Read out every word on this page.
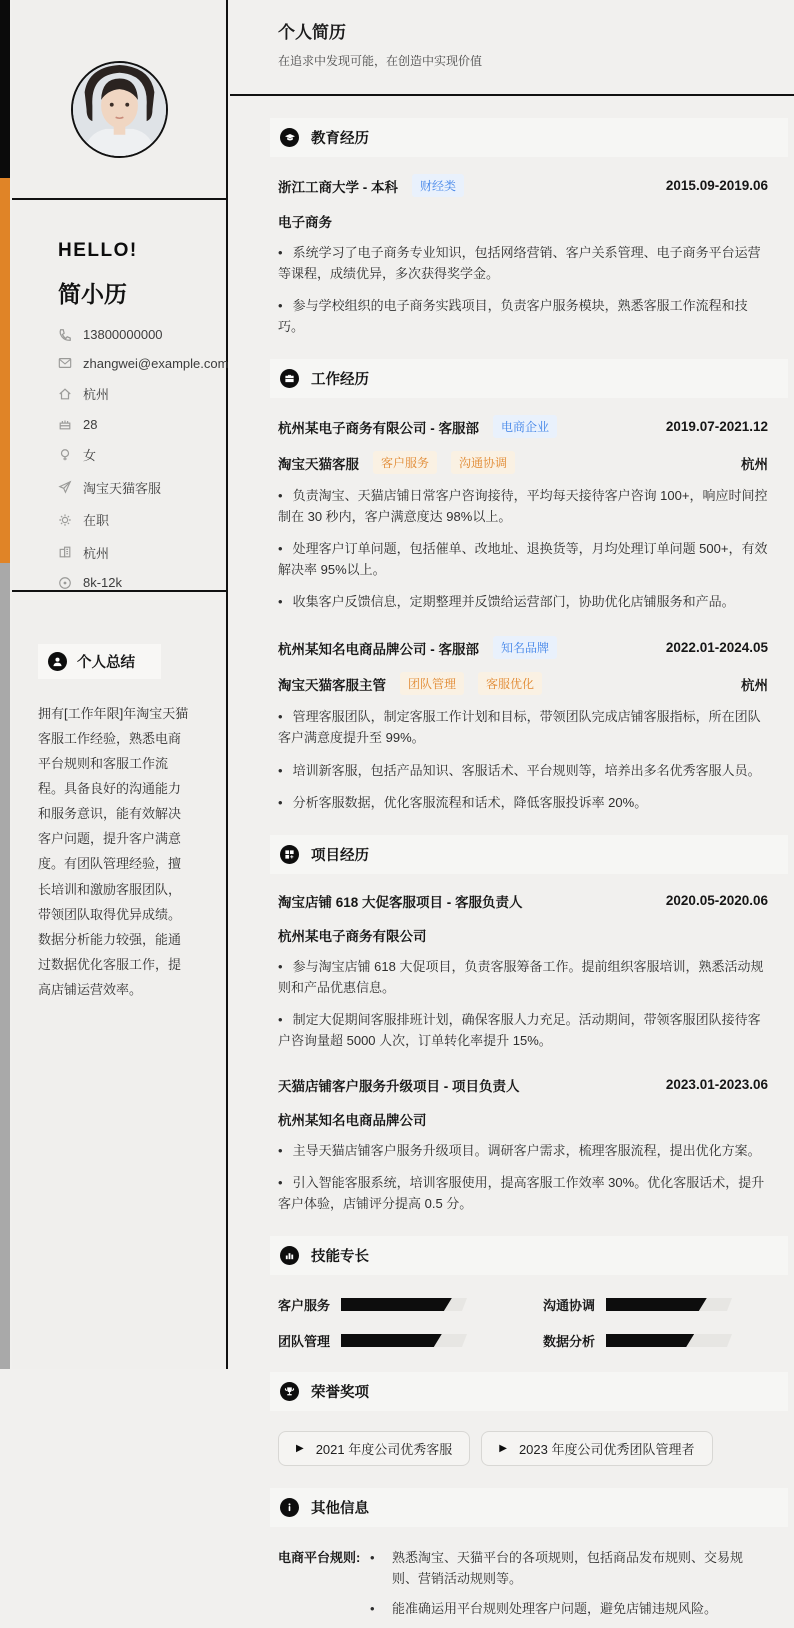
HELLO!
简小历
13800000000
zhangwei@example.com
杭州
28
女
淘宝天猫客服
在职
杭州
8k-12k
个人总结

拥有[工作年限]年淘宝天猫客服工作经验，熟悉电商平台规则和客服工作流程。具备良好的沟通能力和服务意识，能有效解决客户问题，提升客户满意度。有团队管理经验，擅长培训和激励客服团队，带领团队取得优异成绩。数据分析能力较强，能通过数据优化客服工作，提高店铺运营效率。

个人简历
在追求中发现可能，在创造中实现价值
教育经历
浙江工商大学 - 本科	财经类	2015.09-2019.06
电子商务
• 系统学习了电子商务专业知识，包括网络营销、客户关系管理、电子商务平台运营等课程，成绩优异，多次获得奖学金。
• 参与学校组织的电子商务实践项目，负责客户服务模块，熟悉客服工作流程和技巧。
工作经历
杭州某电子商务有限公司 - 客服部	电商企业	2019.07-2021.12
淘宝天猫客服	客户服务	沟通协调	杭州
• 负责淘宝、天猫店铺日常客户咨询接待，平均每天接待客户咨询 100+，响应时间控制在 30 秒内，客户满意度达 98%以上。
• 处理客户订单问题，包括催单、改地址、退换货等，月均处理订单问题 500+，有效解决率 95%以上。
• 收集客户反馈信息，定期整理并反馈给运营部门，协助优化店铺服务和产品。
杭州某知名电商品牌公司 - 客服部	知名品牌	2022.01-2024.05
淘宝天猫客服主管	团队管理	客服优化	杭州
• 管理客服团队，制定客服工作计划和目标，带领团队完成店铺客服指标，所在团队客户满意度提升至 99%。
• 培训新客服，包括产品知识、客服话术、平台规则等，培养出多名优秀客服人员。
• 分析客服数据，优化客服流程和话术，降低客服投诉率 20%。
项目经历
淘宝店铺 618 大促客服项目 - 客服负责人	2020.05-2020.06
杭州某电子商务有限公司
• 参与淘宝店铺 618 大促项目，负责客服筹备工作。提前组织客服培训，熟悉活动规则和产品优惠信息。
• 制定大促期间客服排班计划，确保客服人力充足。活动期间，带领客服团队接待客户咨询量超 5000 人次，订单转化率提升 15%。
天猫店铺客户服务升级项目 - 项目负责人	2023.01-2023.06
杭州某知名电商品牌公司
• 主导天猫店铺客户服务升级项目。调研客户需求，梳理客服流程，提出优化方案。
• 引入智能客服系统，培训客服使用，提高客服工作效率 30%。优化客服话术，提升客户体验，店铺评分提高 0.5 分。
技能专长
客户服务	沟通协调
团队管理	数据分析
荣誉奖项
▶ 2021 年度公司优秀客服	▶ 2023 年度公司优秀团队管理者
其他信息
电商平台规则:	• 熟悉淘宝、天猫平台的各项规则，包括商品发布规则、交易规则、营销活动规则等。
• 能准确运用平台规则处理客户问题，避免店铺违规风险。
